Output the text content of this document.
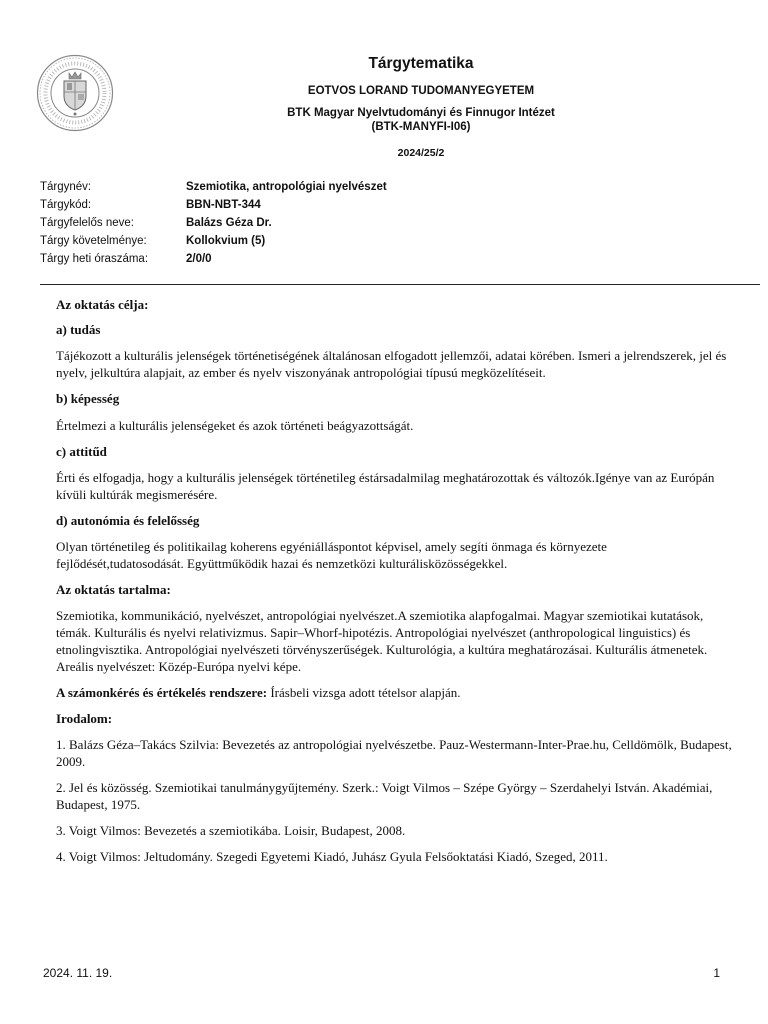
Tárgytematika
EOTVOS LORAND TUDOMANYEGYETEM
BTK Magyar Nyelvtudományi és Finnugor Intézet
(BTK-MANYFI-I06)
2024/25/2
Tárgynév:	Szemiotika, antropológiai nyelvészet
Tárgykód:	BBN-NBT-344
Tárgyfelelős neve:	Balázs Géza Dr.
Tárgy követelménye:	Kollokvium (5)
Tárgy heti óraszáma:	2/0/0
Az oktatás célja:
a) tudás

Tájékozott a kulturális jelenségek történetiségének általánosan elfogadott jellemzői, adatai körében. Ismeri a jelrendszerek, jel és nyelv, jelkultúra alapjait, az ember és nyelv viszonyának antropológiai típusú megközelítéseit.

b) képesség

Értelmezi a kulturális jelenségeket és azok történeti beágyazottságát.

c) attitűd

Érti és elfogadja, hogy a kulturális jelenségek történetileg éstársadalmilag meghatározottak és változók.Igénye van az Európán kívüli kultúrák megismerésére.

d) autonómia és felelősség

Olyan történetileg és politikailag koherens egyéniálláspontot képvisel, amely segíti önmaga és környezete fejlődését,tudatosodását. Együttműködik hazai és nemzetközi kulturálisközösségekkel.

Az oktatás tartalma:

Szemiotika, kommunikáció, nyelvészet, antropológiai nyelvészet.A szemiotika alapfogalmai. Magyar szemiotikai kutatások, témák. Kulturális és nyelvi relativizmus. Sapir–Whorf-hipotézis. Antropológiai nyelvészet (anthropological linguistics) és etnolingvisztika. Antropológiai nyelvészeti törvényszerűségek. Kulturológia, a kultúra meghatározásai. Kulturális átmenetek. Areális nyelvészet: Közép-Európa nyelvi képe.

A számonkérés és értékelés rendszere: Írásbeli vizsga adott tételsor alapján.

Irodalom:

1. Balázs Géza–Takács Szilvia: Bevezetés az antropológiai nyelvészetbe. Pauz-Westermann-Inter-Prae.hu, Celldömölk, Budapest, 2009.

2. Jel és közösség. Szemiotikai tanulmánygyűjtemény. Szerk.: Voigt Vilmos – Szépe György – Szerdahelyi István. Akadémiai, Budapest, 1975.

3. Voigt Vilmos: Bevezetés a szemiotikába. Loisir, Budapest, 2008.

4. Voigt Vilmos: Jeltudomány. Szegedi Egyetemi Kiadó, Juhász Gyula Felsőoktatási Kiadó, Szeged, 2011.

2024. 11. 19.	1
